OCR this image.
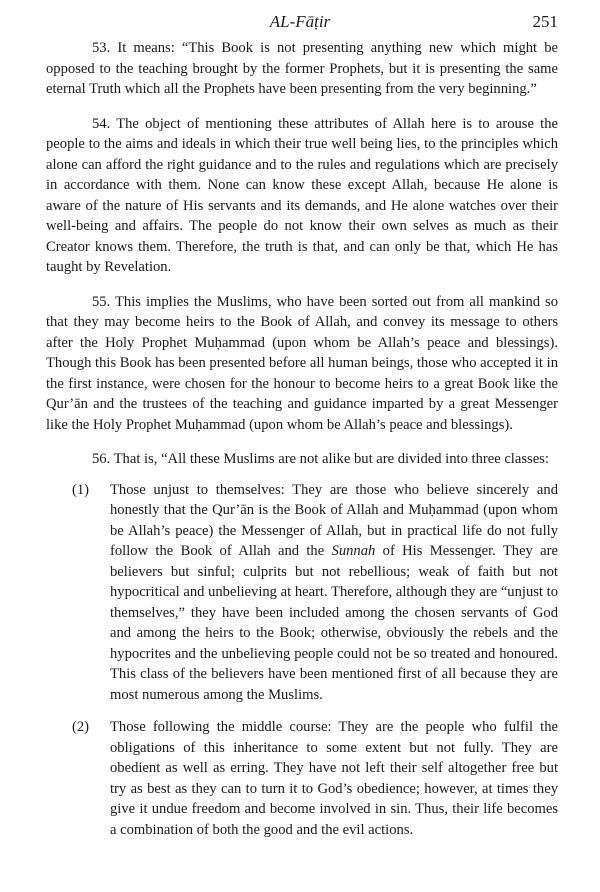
AL-Fāṭir	251

53. It means: “This Book is not presenting anything new which might be opposed to the teaching brought by the former Prophets, but it is presenting the same eternal Truth which all the Prophets have been presenting from the very beginning.”

54. The object of mentioning these attributes of Allah here is to arouse the people to the aims and ideals in which their true well being lies, to the principles which alone can afford the right guidance and to the rules and regulations which are precisely in accordance with them. None can know these except Allah, because He alone is aware of the nature of His servants and its demands, and He alone watches over their well-being and affairs. The people do not know their own selves as much as their Creator knows them. Therefore, the truth is that, and can only be that, which He has taught by Revelation.

55. This implies the Muslims, who have been sorted out from all mankind so that they may become heirs to the Book of Allah, and convey its message to others after the Holy Prophet Muḥammad (upon whom be Allah’s peace and blessings). Though this Book has been presented before all human beings, those who accepted it in the first instance, were chosen for the honour to become heirs to a great Book like the Qur’ān and the trustees of the teaching and guidance imparted by a great Messenger like the Holy Prophet Muḥammad (upon whom be Allah’s peace and blessings).

56. That is, “All these Muslims are not alike but are divided into three classes:

(1) Those unjust to themselves: They are those who believe sincerely and honestly that the Qur’ān is the Book of Allah and Muḥammad (upon whom be Allah’s peace) the Messenger of Allah, but in practical life do not fully follow the Book of Allah and the Sunnah of His Messenger. They are believers but sinful; culprits but not rebellious; weak of faith but not hypocritical and unbelieving at heart. Therefore, although they are “unjust to themselves,” they have been included among the chosen servants of God and among the heirs to the Book; otherwise, obviously the rebels and the hypocrites and the unbelieving people could not be so treated and honoured. This class of the believers have been mentioned first of all because they are most numerous among the Muslims.
(2) Those following the middle course: They are the people who fulfil the obligations of this inheritance to some extent but not fully. They are obedient as well as erring. They have not left their self altogether free but try as best as they can to turn it to God’s obedience; however, at times they give it undue freedom and become involved in sin. Thus, their life becomes a combination of both the good and the evil actions.
